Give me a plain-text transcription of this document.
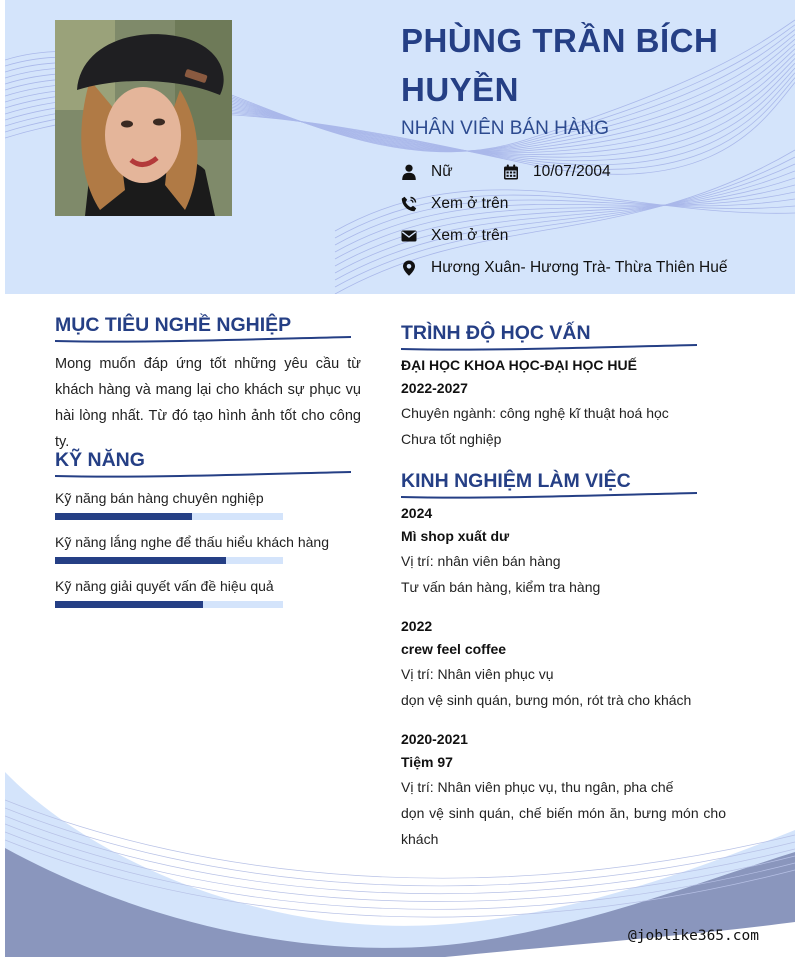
PHÙNG TRẦN BÍCH HUYỀN
NHÂN VIÊN BÁN HÀNG
Nữ	10/07/2004
Xem ở trên
Xem ở trên
Hương Xuân- Hương Trà- Thừa Thiên Huế
MỤC TIÊU NGHỀ NGHIỆP
Mong muốn đáp ứng tốt những yêu cầu từ khách hàng và mang lại cho khách sự phục vụ hài lòng nhất. Từ đó tạo hình ảnh tốt cho công ty.
KỸ NĂNG
Kỹ năng bán hàng chuyên nghiệp
Kỹ năng lắng nghe để thấu hiểu khách hàng
Kỹ năng giải quyết vấn đề hiệu quả
TRÌNH ĐỘ HỌC VẤN
ĐẠI HỌC KHOA HỌC-ĐẠI HỌC HUẾ
2022-2027
Chuyên ngành: công nghệ kĩ thuật hoá học
Chưa tốt nghiệp
KINH NGHIỆM LÀM VIỆC
2024
Mì shop xuất dư
Vị trí: nhân viên bán hàng
Tư vấn bán hàng, kiểm tra hàng
2022
crew feel coffee
Vị trí: Nhân viên phục vụ
dọn vệ sinh quán, bưng món, rót trà cho khách
2020-2021
Tiệm 97
Vị trí: Nhân viên phục vụ, thu ngân, pha chế
dọn vệ sinh quán, chế biến món ăn, bưng món cho
khách
@joblike365.com
